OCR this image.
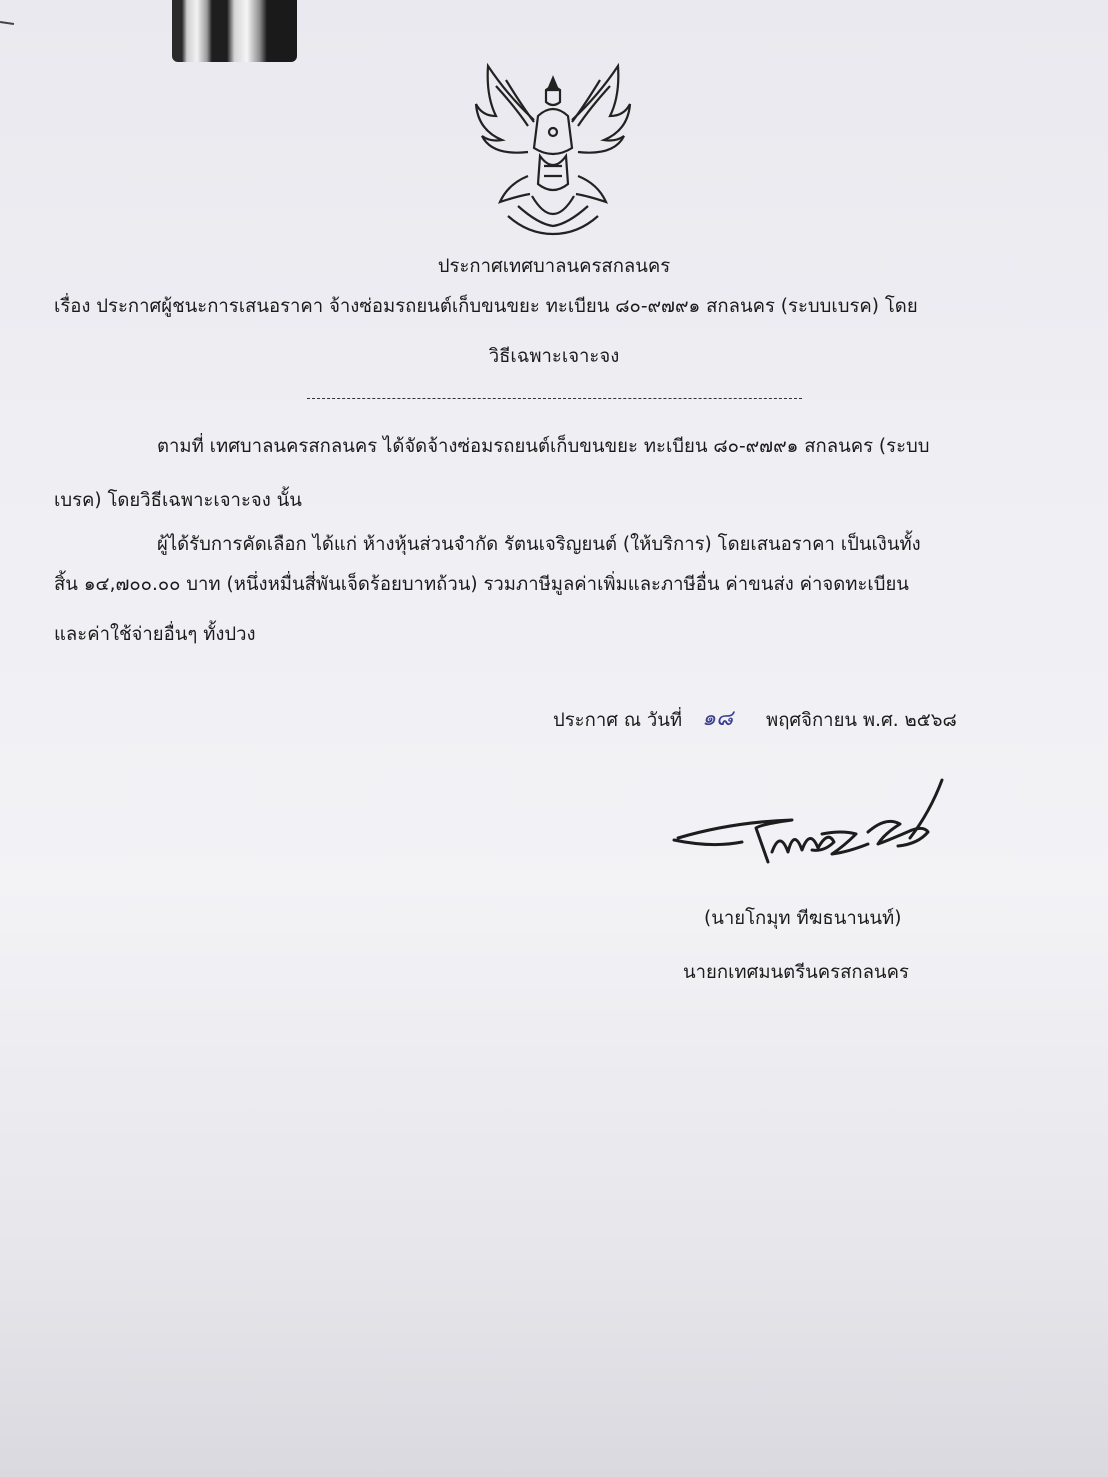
ประกาศเทศบาลนครสกลนคร
เรื่อง ประกาศผู้ชนะการเสนอราคา จ้างซ่อมรถยนต์เก็บขนขยะ ทะเบียน ๘๐-๙๗๙๑ สกลนคร (ระบบเบรค) โดย
วิธีเฉพาะเจาะจง
ตามที่ เทศบาลนครสกลนคร ได้จัดจ้างซ่อมรถยนต์เก็บขนขยะ ทะเบียน ๘๐-๙๗๙๑ สกลนคร (ระบบ
เบรค) โดยวิธีเฉพาะเจาะจง นั้น
ผู้ได้รับการคัดเลือก ได้แก่ ห้างหุ้นส่วนจำกัด รัตนเจริญยนต์ (ให้บริการ) โดยเสนอราคา เป็นเงินทั้ง
สิ้น ๑๔,๗๐๐.๐๐ บาท (หนึ่งหมื่นสี่พันเจ็ดร้อยบาทถ้วน) รวมภาษีมูลค่าเพิ่มและภาษีอื่น ค่าขนส่ง ค่าจดทะเบียน
และค่าใช้จ่ายอื่นๆ ทั้งปวง
ประกาศ ณ วันที่ ๑๘ พฤศจิกายน พ.ศ. ๒๕๖๘
(นายโกมุท ทีฆธนานนท์)
นายกเทศมนตรีนครสกลนคร
